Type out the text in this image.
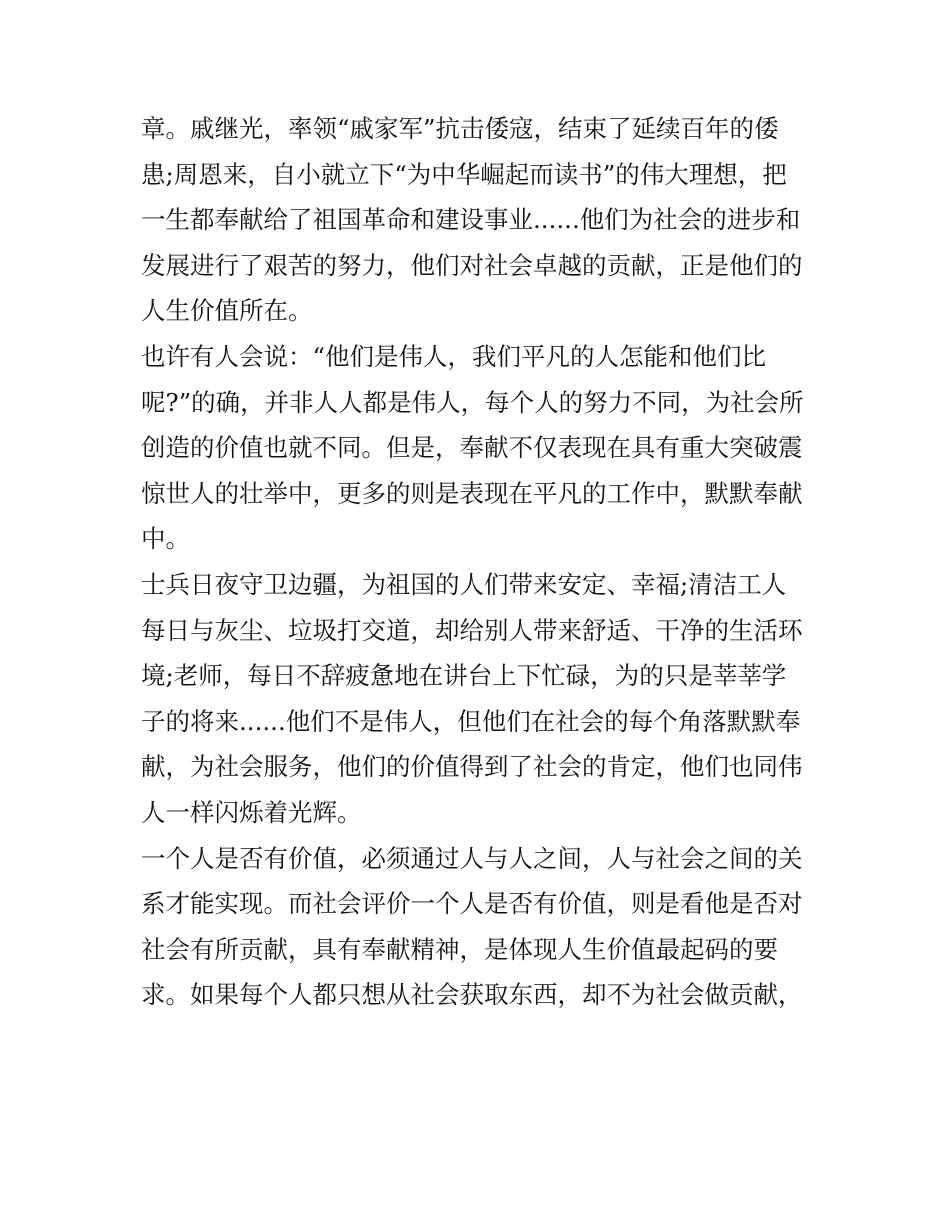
章。戚继光，率领“戚家军”抗击倭寇，结束了延续百年的倭
患;周恩来，自小就立下“为中华崛起而读书”的伟大理想，把
一生都奉献给了祖国革命和建设事业......他们为社会的进步和
发展进行了艰苦的努力，他们对社会卓越的贡献，正是他们的
人生价值所在。

也许有人会说：“他们是伟人，我们平凡的人怎能和他们比
呢?”的确，并非人人都是伟人，每个人的努力不同，为社会所
创造的价值也就不同。但是，奉献不仅表现在具有重大突破震
惊世人的壮举中，更多的则是表现在平凡的工作中，默默奉献
中。

士兵日夜守卫边疆，为祖国的人们带来安定、幸福;清洁工人
每日与灰尘、垃圾打交道，却给别人带来舒适、干净的生活环
境;老师，每日不辞疲惫地在讲台上下忙碌，为的只是莘莘学
子的将来......他们不是伟人，但他们在社会的每个角落默默奉
献，为社会服务，他们的价值得到了社会的肯定，他们也同伟
人一样闪烁着光辉。

一个人是否有价值，必须通过人与人之间，人与社会之间的关
系才能实现。而社会评价一个人是否有价值，则是看他是否对
社会有所贡献，具有奉献精神，是体现人生价值最起码的要
求。如果每个人都只想从社会获取东西，却不为社会做贡献，
